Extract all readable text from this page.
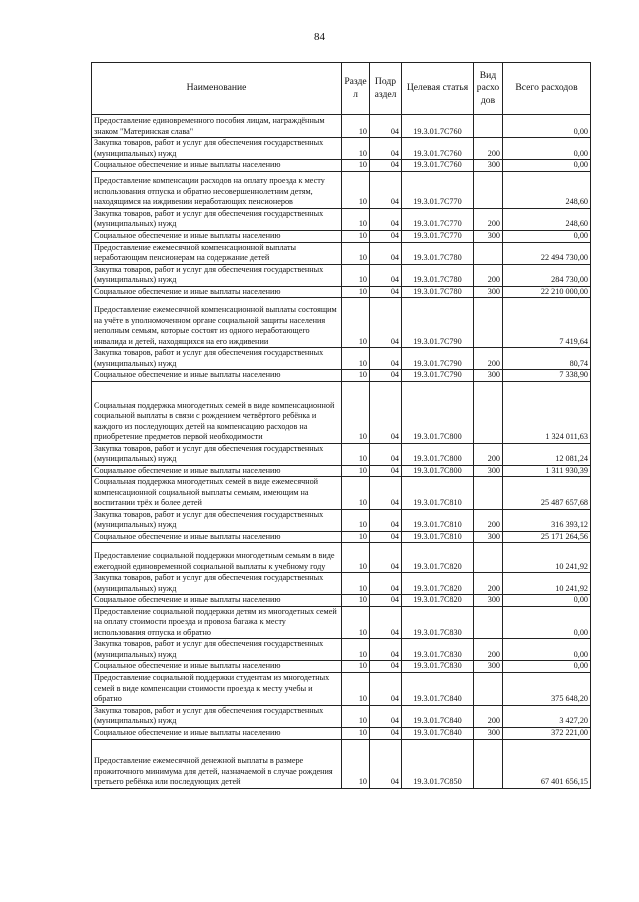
84
Наименование	Разде л	Подр аздел	Целевая статья	Вид расхо дов	Всего расходов
Предоставление единовременного пособия лицам, награждённым знаком "Материнская слава"	10	04	19.3.01.7С760		0,00
Закупка товаров, работ и услуг для обеспечения государственных (муниципальных) нужд	10	04	19.3.01.7С760	200	0,00
Социальное обеспечение и иные выплаты населению	10	04	19.3.01.7С760	300	0,00
Предоставление компенсации расходов на оплату проезда к месту использования отпуска и обратно несовершеннолетним детям, находящимся на иждивении неработающих пенсионеров	10	04	19.3.01.7С770		248,60
Закупка товаров, работ и услуг для обеспечения государственных (муниципальных) нужд	10	04	19.3.01.7С770	200	248,60
Социальное обеспечение и иные выплаты населению	10	04	19.3.01.7С770	300	0,00
Предоставление ежемесячной компенсационной выплаты неработающим пенсионерам на содержание детей	10	04	19.3.01.7С780		22 494 730,00
Закупка товаров, работ и услуг для обеспечения государственных (муниципальных) нужд	10	04	19.3.01.7С780	200	284 730,00
Социальное обеспечение и иные выплаты населению	10	04	19.3.01.7С780	300	22 210 000,00
Предоставление ежемесячной компенсационной выплаты состоящим на учёте в уполномоченном органе социальной защиты населения неполным семьям, которые состоят из одного неработающего инвалида и детей, находящихся на его иждивении	10	04	19.3.01.7С790		7 419,64
Закупка товаров, работ и услуг для обеспечения государственных (муниципальных) нужд	10	04	19.3.01.7С790	200	80,74
Социальное обеспечение и иные выплаты населению	10	04	19.3.01.7С790	300	7 338,90
Социальная поддержка многодетных семей в виде компенсационной социальной выплаты в связи с рождением четвёртого ребёнка и каждого из последующих детей на компенсацию расходов на приобретение предметов первой необходимости	10	04	19.3.01.7С800		1 324 011,63
Закупка товаров, работ и услуг для обеспечения государственных (муниципальных) нужд	10	04	19.3.01.7С800	200	12 081,24
Социальное обеспечение и иные выплаты населению	10	04	19.3.01.7С800	300	1 311 930,39
Социальная поддержка многодетных семей в виде ежемесячной компенсационной социальной выплаты семьям, имеющим на воспитании трёх и более детей	10	04	19.3.01.7С810		25 487 657,68
Закупка товаров, работ и услуг для обеспечения государственных (муниципальных) нужд	10	04	19.3.01.7С810	200	316 393,12
Социальное обеспечение и иные выплаты населению	10	04	19.3.01.7С810	300	25 171 264,56
Предоставление социальной поддержки многодетным семьям в виде ежегодной единовременной социальной выплаты к учебному году	10	04	19.3.01.7С820		10 241,92
Закупка товаров, работ и услуг для обеспечения государственных (муниципальных) нужд	10	04	19.3.01.7С820	200	10 241,92
Социальное обеспечение и иные выплаты населению	10	04	19.3.01.7С820	300	0,00
Предоставление социальной поддержки детям из многодетных семей на оплату стоимости проезда и провоза багажа к месту использования отпуска и обратно	10	04	19.3.01.7С830		0,00
Закупка товаров, работ и услуг для обеспечения государственных (муниципальных) нужд	10	04	19.3.01.7С830	200	0,00
Социальное обеспечение и иные выплаты населению	10	04	19.3.01.7С830	300	0,00
Предоставление социальной поддержки студентам из многодетных семей в виде компенсации стоимости проезда к месту учебы и обратно	10	04	19.3.01.7С840		375 648,20
Закупка товаров, работ и услуг для обеспечения государственных (муниципальных) нужд	10	04	19.3.01.7С840	200	3 427,20
Социальное обеспечение и иные выплаты населению	10	04	19.3.01.7С840	300	372 221,00
Предоставление ежемесячной денежной выплаты в размере прожиточного минимума для детей, назначаемой в случае рождения третьего ребёнка или последующих детей	10	04	19.3.01.7С850		67 401 656,15
